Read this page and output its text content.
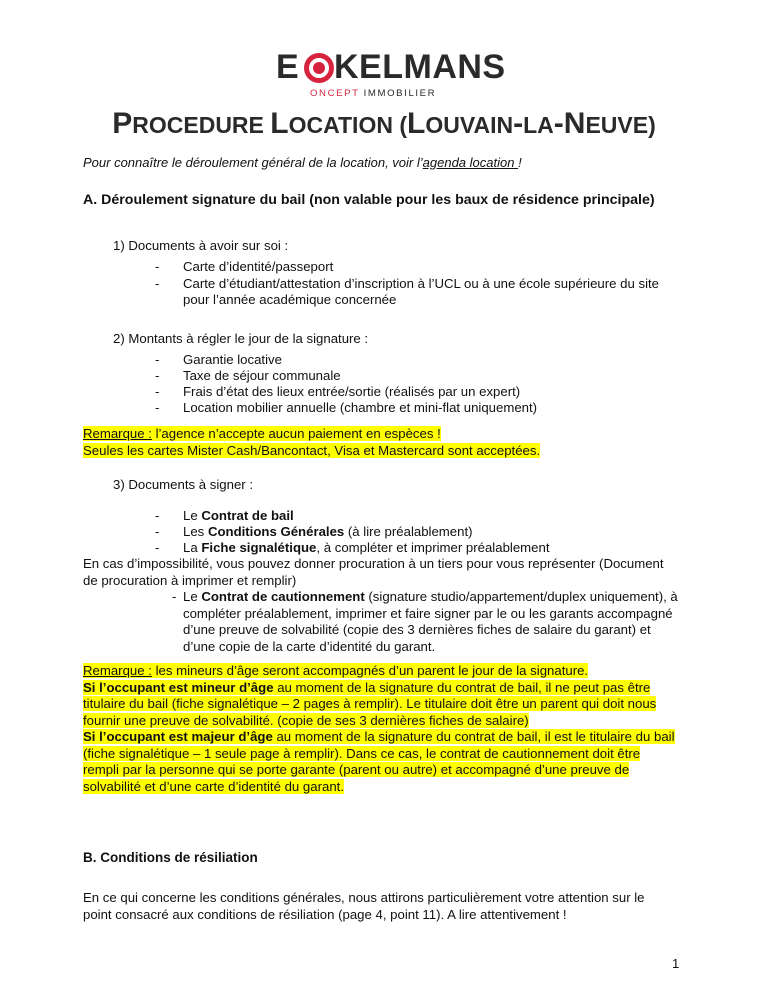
E KELMANS
ONCEPT IMMOBILIER
PROCEDURE LOCATION (LOUVAIN-LA-NEUVE)
Pour connaître le déroulement général de la location, voir l’agenda location !
A. Déroulement signature du bail (non valable pour les baux de résidence principale)
1) Documents à avoir sur soi :
- Carte d’identité/passeport
- Carte d’étudiant/attestation d’inscription à l’UCL ou à une école supérieure du site
pour l’année académique concernée
2) Montants à régler le jour de la signature :
- Garantie locative
- Taxe de séjour communale
- Frais d’état des lieux entrée/sortie (réalisés par un expert)
- Location mobilier annuelle (chambre et mini-flat uniquement)
Remarque : l’agence n’accepte aucun paiement en espèces !
Seules les cartes Mister Cash/Bancontact, Visa et Mastercard sont acceptées.
3) Documents à signer :
- Le Contrat de bail
- Les Conditions Générales (à lire préalablement)
- La Fiche signalétique, à compléter et imprimer préalablement
En cas d’impossibilité, vous pouvez donner procuration à un tiers pour vous représenter (Document
de procuration à imprimer et remplir)
- Le Contrat de cautionnement (signature studio/appartement/duplex uniquement), à
compléter préalablement, imprimer et faire signer par le ou les garants accompagné
d’une preuve de solvabilité (copie des 3 dernières fiches de salaire du garant) et
d’une copie de la carte d’identité du garant.
Remarque : les mineurs d’âge seront accompagnés d’un parent le jour de la signature.
Si l’occupant est mineur d’âge au moment de la signature du contrat de bail, il ne peut pas être
titulaire du bail (fiche signalétique – 2 pages à remplir). Le titulaire doit être un parent qui doit nous
fournir une preuve de solvabilité. (copie de ses 3 dernières fiches de salaire)
Si l’occupant est majeur d’âge au moment de la signature du contrat de bail, il est le titulaire du bail
(fiche signalétique – 1 seule page à remplir). Dans ce cas, le contrat de cautionnement doit être
rempli par la personne qui se porte garante (parent ou autre) et accompagné d’une preuve de
solvabilité et d’une carte d’identité du garant.
B. Conditions de résiliation
En ce qui concerne les conditions générales, nous attirons particulièrement votre attention sur le
point consacré aux conditions de résiliation (page 4, point 11). A lire attentivement !
1
